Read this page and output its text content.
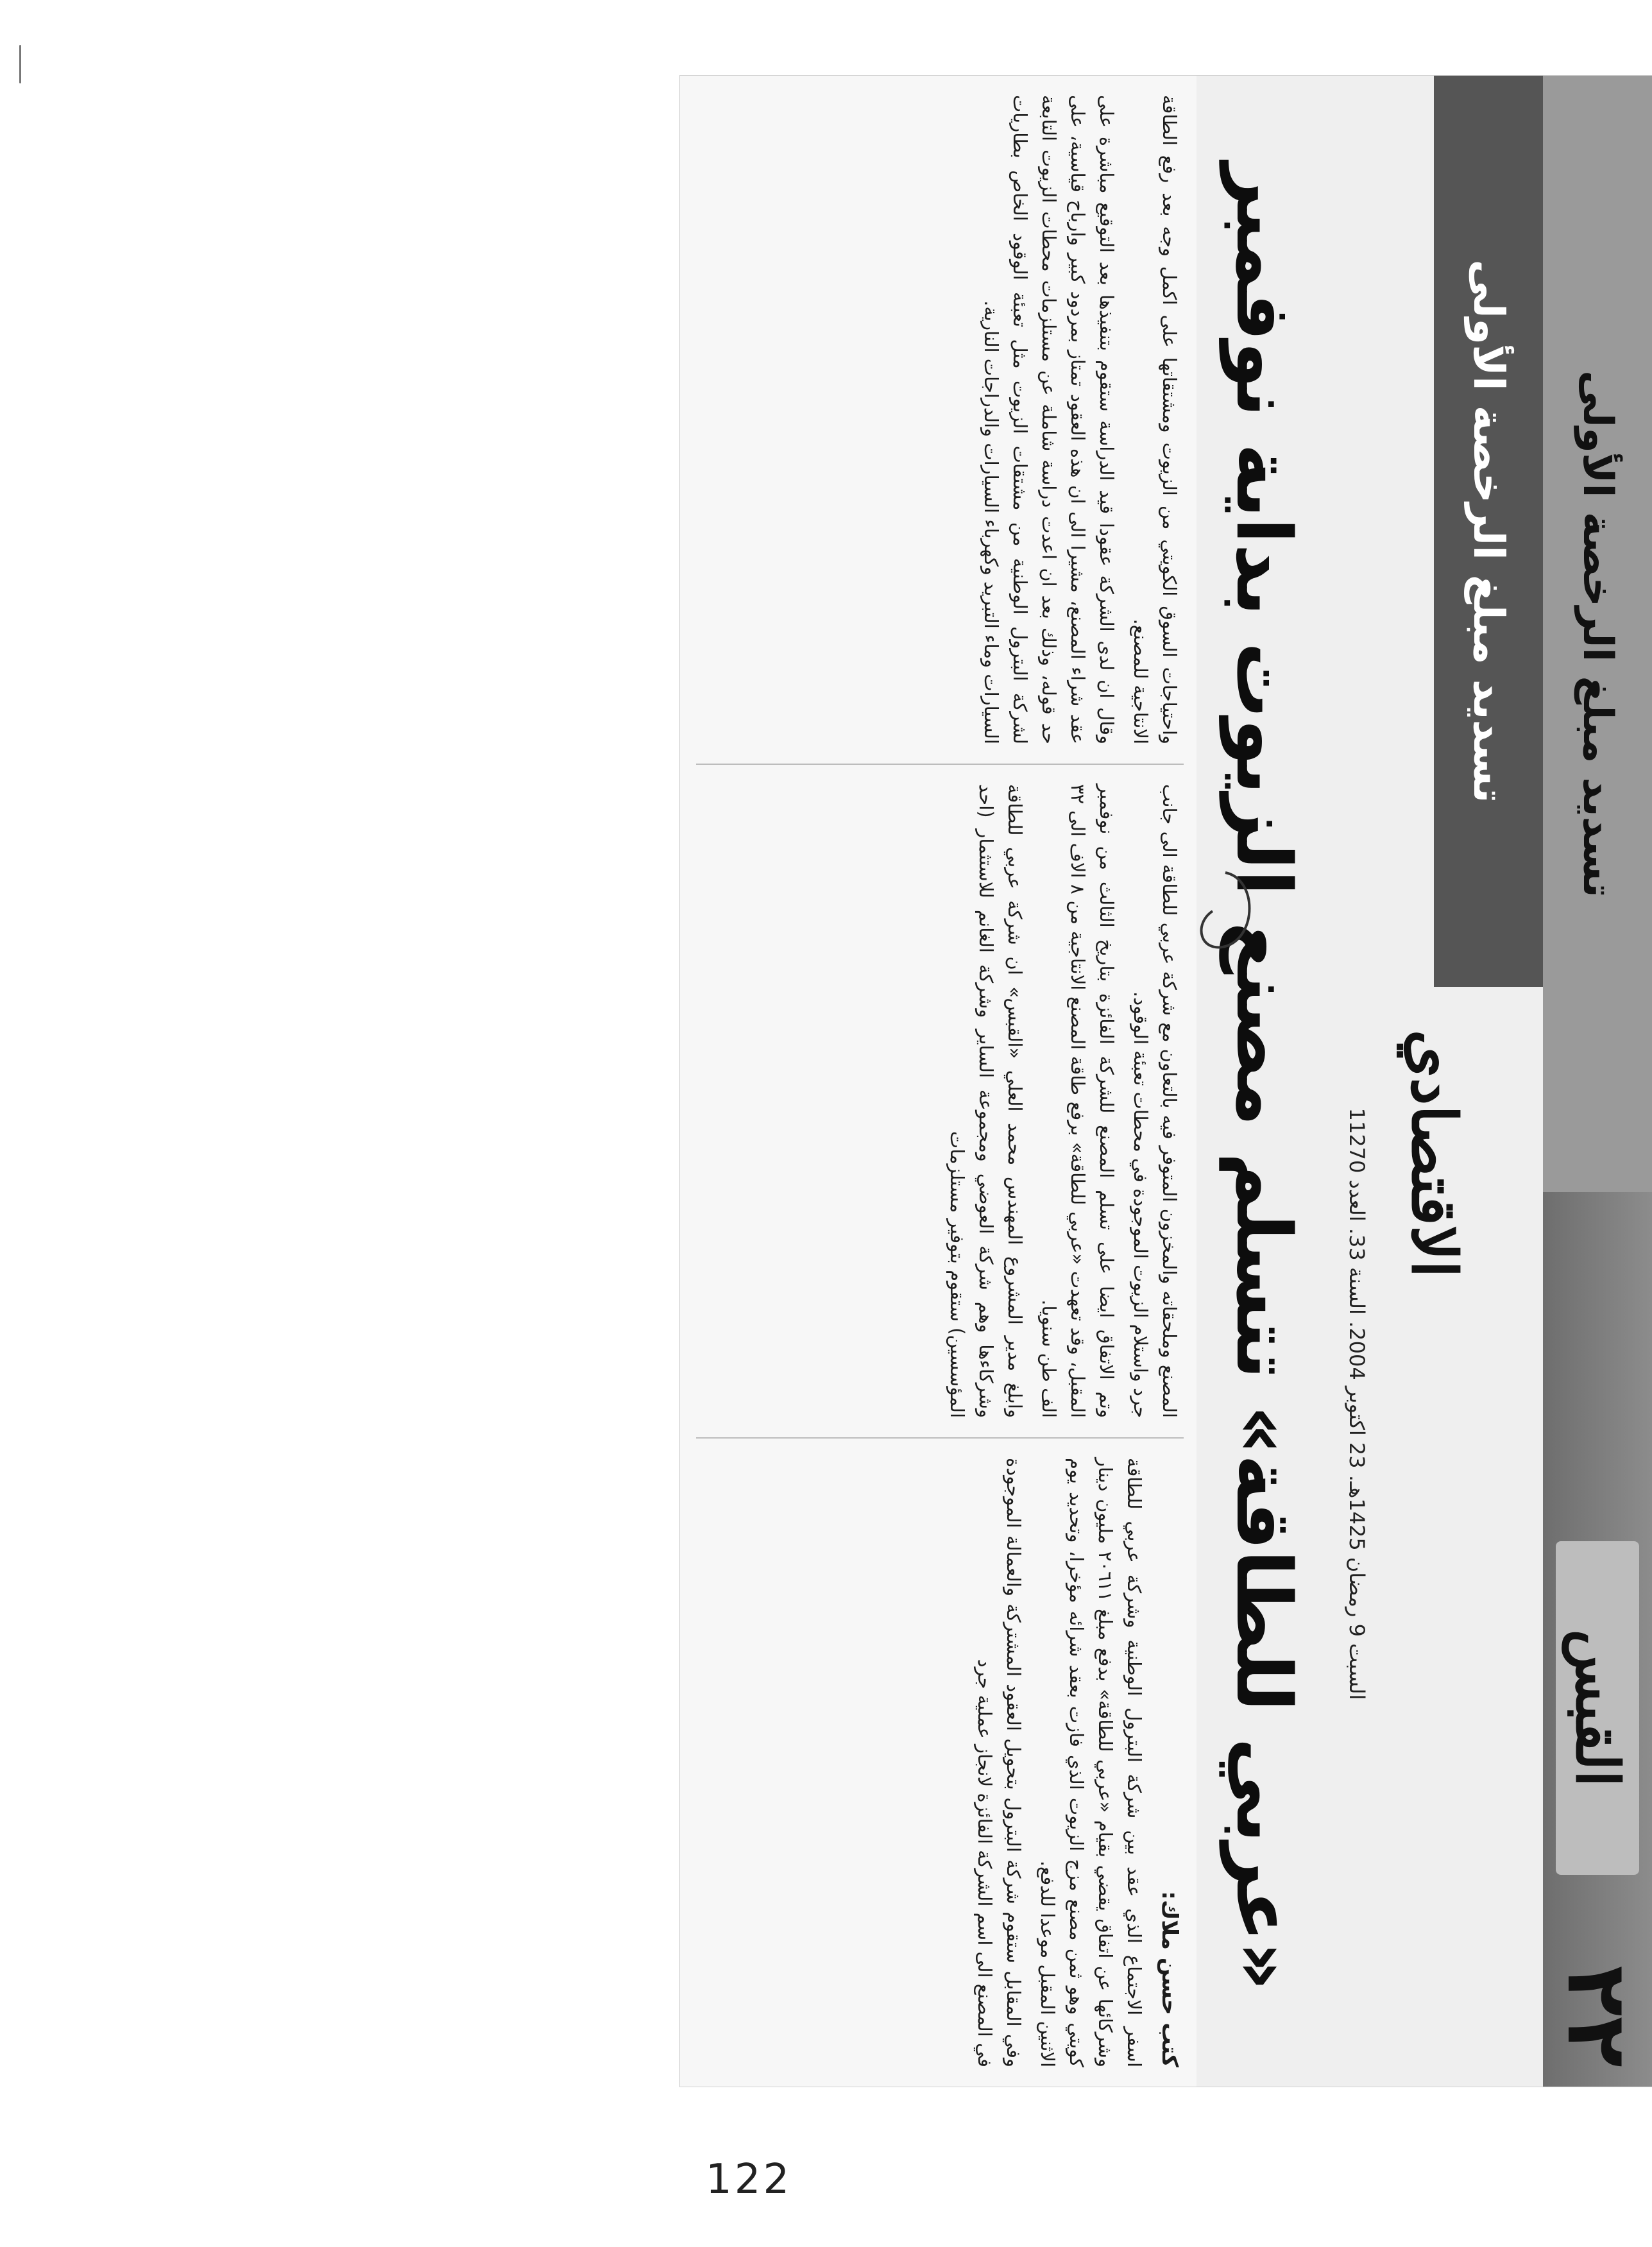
٢٢
القبس
تسديد مبلغ الرخصة الأولى
تسديد مبلغ الرخصة الأولى
الاقتصادي
السبت 9 رمضان 1425هـ. 23 اكتوبر 2004. السنة 33. العدد 11270
«عربي للطاقة» تتسلم مصنع الزيوت بداية نوفمبر
كتب حسن ملاك:

اسفر الاجتماع الذي عقد بين شركة البترول الوطنية وشركة عربي للطاقة وشركائها عن اتفاق يقضي بقيام «عربي للطاقة» بدفع مبلغ ٢٠٦١١ مليون دينار كويتي وهو ثمن مصنع مزج الزيوت الذي فازت بعقد شرائه مؤخرا، وتحديد يوم الاثنين المقبل موعدا للدفع.

وفي المقابل ستقوم شركة البترول بتحويل العقود المشتركة والعمالة الموجودة في المصنع الى اسم الشركة الفائزة لانجاز عملية جرد

المصنع وملحقاته والمخزون المتوفر فيه بالتعاون مع شركة عربي للطاقة الى جانب جرد واستلام الزيوت الموجودة في محطات تعبئة الوقود.

وتم الاتفاق ايضا على تسلم المصنع للشركة الفائزة بتاريخ الثالث من نوفمبر المقبل، وقد تعهدت «عربي للطاقة» برفع طاقة المصنع الانتاجية من ٨ الاف الى ٣٢ الف طن سنويا.

وابلغ مدير المشروع المهندس محمد العلي «القبس» ان شركة عربي للطاقة وشركاءها وهم شركة العوضي ومجموعة الساير وشركة الغانم للاستثمار (احد المؤسسين) ستقوم بتوفير مستلزمات

واحتياجات السوق الكويتي من الزيوت ومشتقاتها على اكمل وجه بعد رفع الطاقة الانتاجية للمصنع.

وقال ان لدى الشركة عقودا قيد الدراسة ستقوم بتنفيذها بعد التوقيع مباشرة على عقد شراء المصنع، مشيرا الى ان هذه العقود تمتاز بمردود كبير وارباح قياسية، على حد قوله، وذلك بعد ان اعدت دراسة شاملة عن مستلزمات محطات الزيوت التابعة لشركة البترول الوطنية من مشتقات الزيوت مثل تعبئة الوقود الخاص بطاريات السيارات وماء التبريد وكهرباء السيارات والدراجات النارية.

122
